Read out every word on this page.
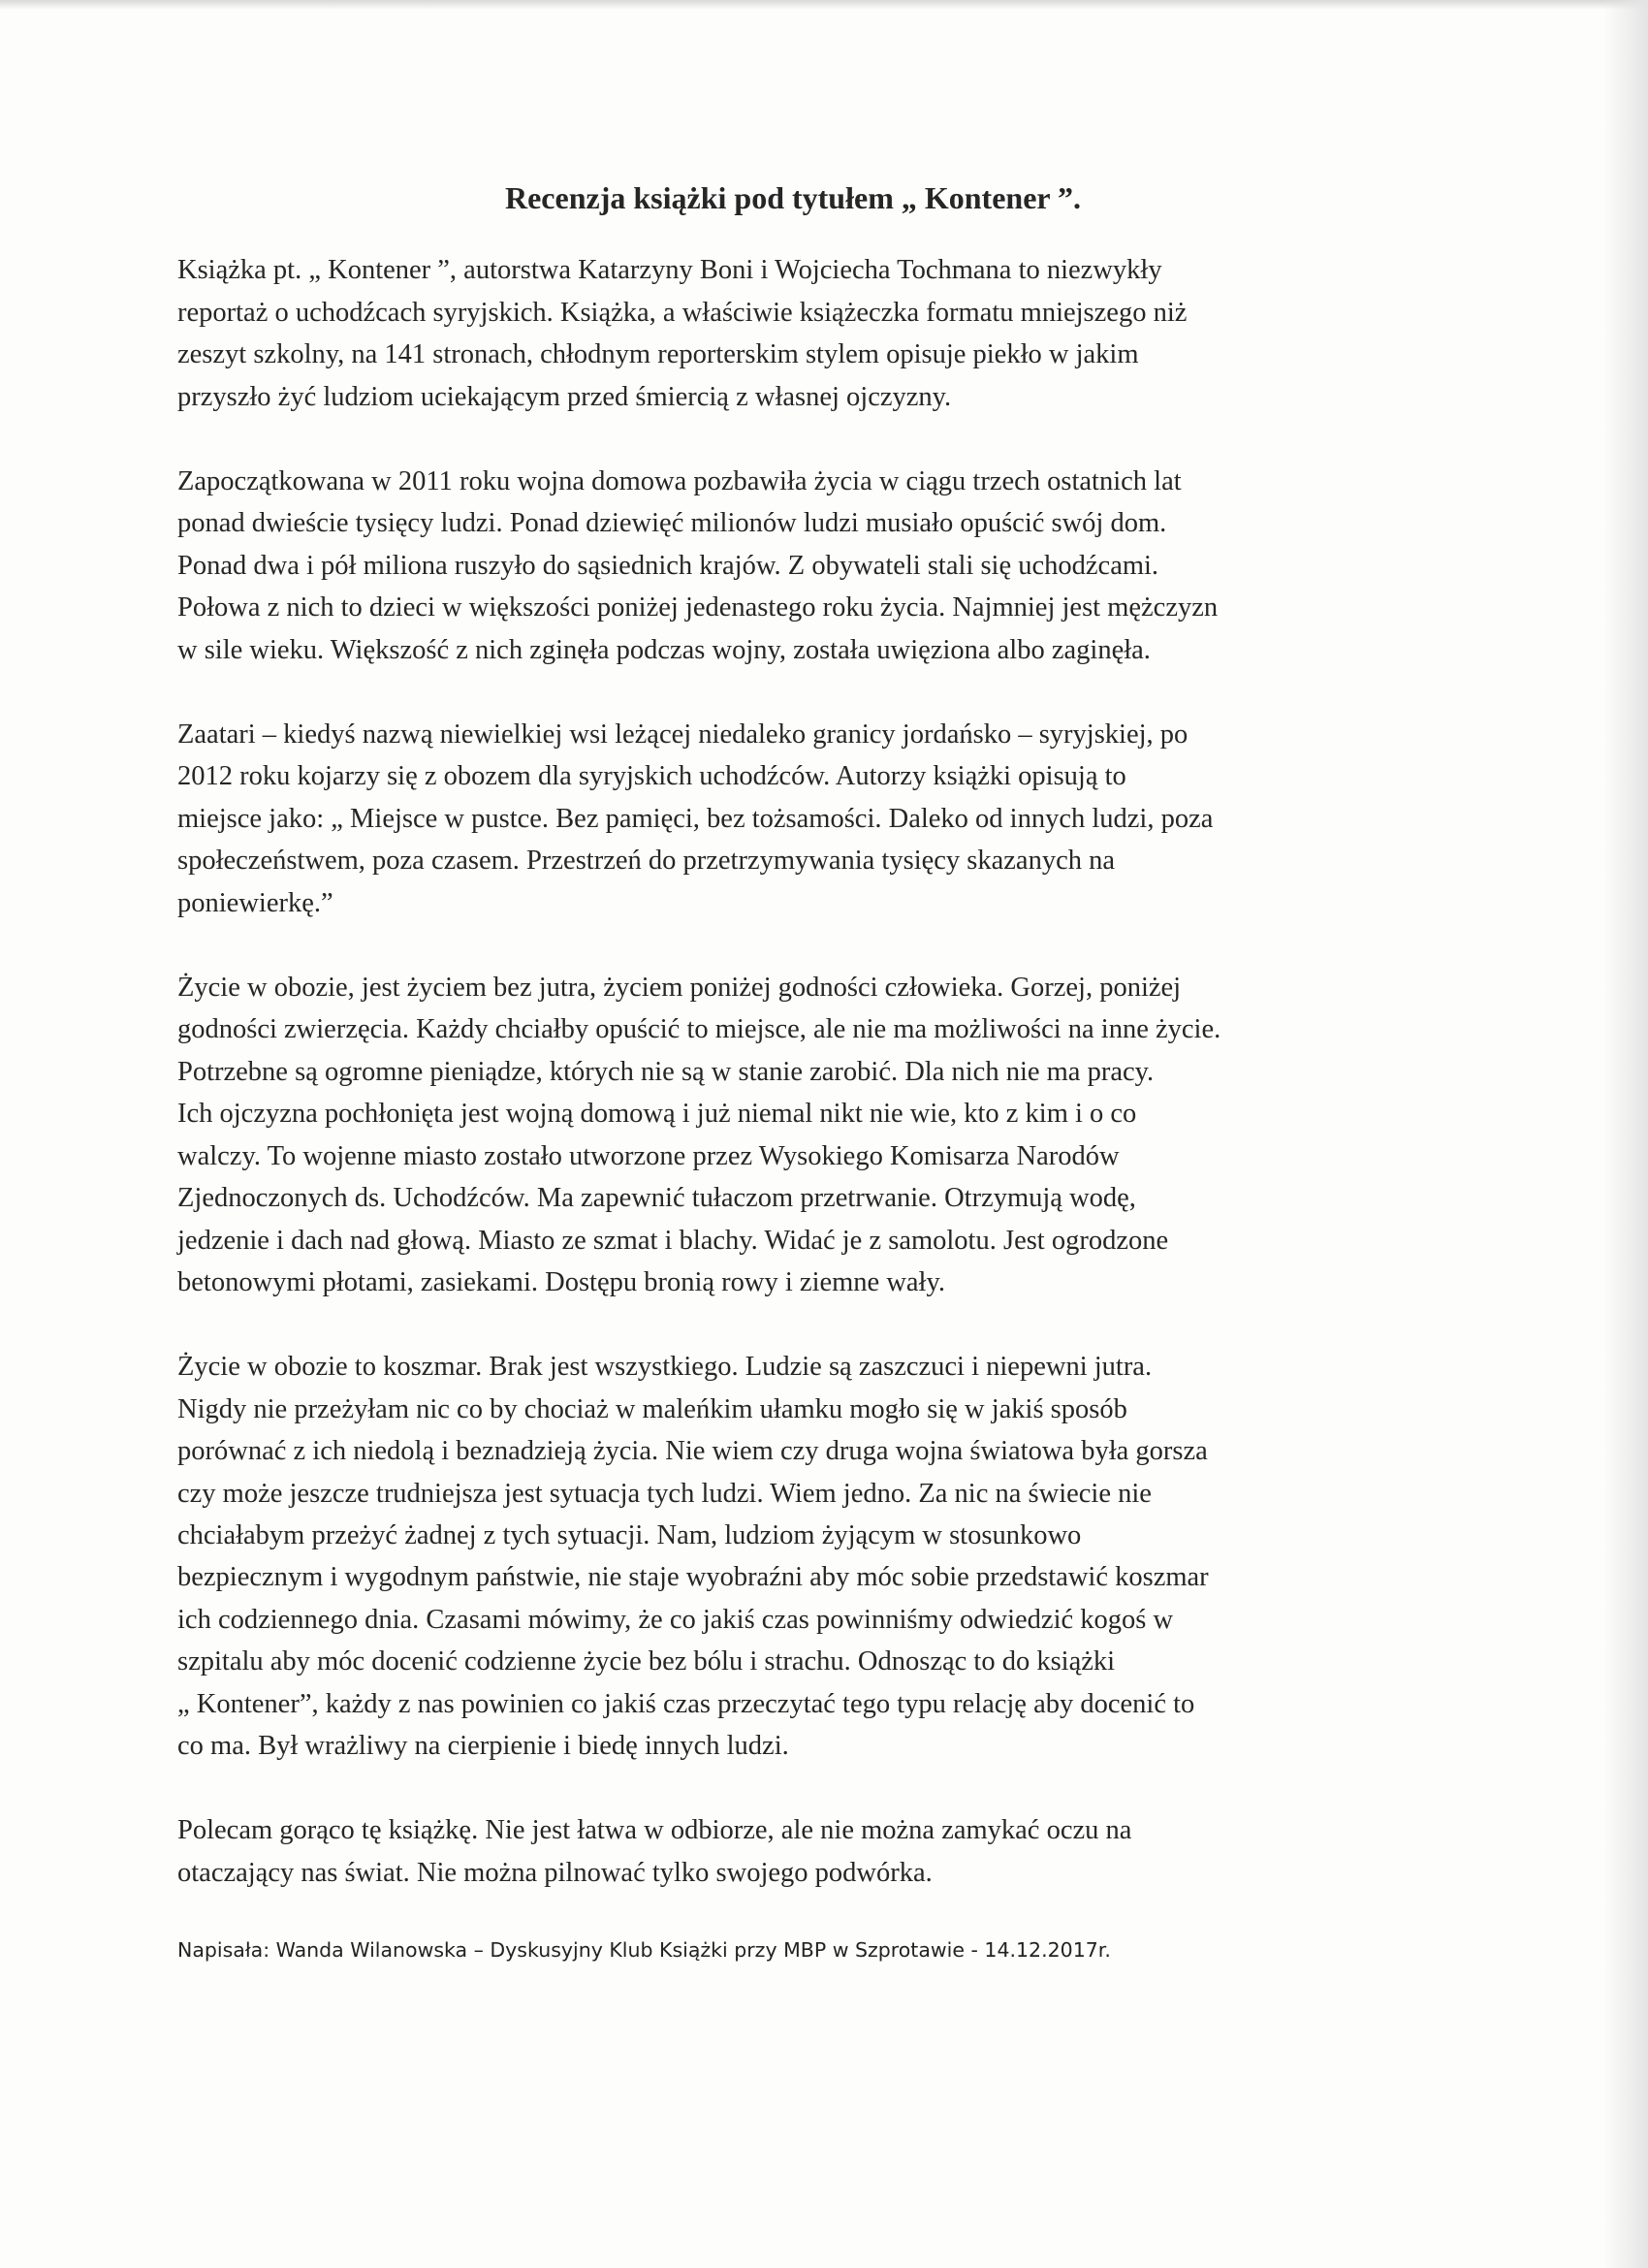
Recenzja książki pod tytułem „ Kontener ”.

Książka pt. „ Kontener ”, autorstwa Katarzyny Boni i Wojciecha Tochmana to niezwykły
reportaż o uchodźcach syryjskich. Książka, a właściwie książeczka formatu mniejszego niż
zeszyt szkolny, na 141 stronach, chłodnym reporterskim stylem opisuje piekło w jakim
przyszło żyć ludziom uciekającym przed śmiercią z własnej ojczyzny.

Zapoczątkowana w 2011 roku wojna domowa pozbawiła życia w ciągu trzech ostatnich lat
ponad dwieście tysięcy ludzi. Ponad dziewięć milionów ludzi musiało opuścić swój dom.
Ponad dwa i pół miliona ruszyło do sąsiednich krajów. Z obywateli stali się uchodźcami.
Połowa z nich to dzieci w większości poniżej jedenastego roku życia. Najmniej jest mężczyzn
w sile wieku. Większość z nich zginęła podczas wojny, została uwięziona albo zaginęła.

Zaatari – kiedyś nazwą niewielkiej wsi leżącej niedaleko granicy jordańsko – syryjskiej, po
2012 roku kojarzy się z obozem dla syryjskich uchodźców. Autorzy książki opisują to
miejsce jako: „ Miejsce w pustce. Bez pamięci, bez tożsamości. Daleko od innych ludzi, poza
społeczeństwem, poza czasem. Przestrzeń do przetrzymywania tysięcy skazanych na
poniewierkę.”

Życie w obozie, jest życiem bez jutra, życiem poniżej godności człowieka. Gorzej, poniżej
godności zwierzęcia. Każdy chciałby opuścić to miejsce, ale nie ma możliwości na inne życie.
Potrzebne są ogromne pieniądze, których nie są w stanie zarobić. Dla nich nie ma pracy.
Ich ojczyzna pochłonięta jest wojną domową i już niemal nikt nie wie, kto z kim i o co
walczy. To wojenne miasto zostało utworzone przez Wysokiego Komisarza Narodów
Zjednoczonych ds. Uchodźców. Ma zapewnić tułaczom przetrwanie. Otrzymują wodę,
jedzenie i dach nad głową. Miasto ze szmat i blachy. Widać je z samolotu. Jest ogrodzone
betonowymi płotami, zasiekami. Dostępu bronią rowy i ziemne wały.

Życie w obozie to koszmar. Brak jest wszystkiego. Ludzie są zaszczuci i niepewni jutra.
Nigdy nie przeżyłam nic co by chociaż w maleńkim ułamku mogło się w jakiś sposób
porównać z ich niedolą i beznadzieją życia. Nie wiem czy druga wojna światowa była gorsza
czy może jeszcze trudniejsza jest sytuacja tych ludzi. Wiem jedno. Za nic na świecie nie
chciałabym przeżyć żadnej z tych sytuacji. Nam, ludziom żyjącym w stosunkowo
bezpiecznym i wygodnym państwie, nie staje wyobraźni aby móc sobie przedstawić koszmar
ich codziennego dnia. Czasami mówimy, że co jakiś czas powinniśmy odwiedzić kogoś w
szpitalu aby móc docenić codzienne życie bez bólu i strachu. Odnosząc to do książki
„ Kontener”, każdy z nas powinien co jakiś czas przeczytać tego typu relację aby docenić to
co ma. Był wrażliwy na cierpienie i biedę innych ludzi.

Polecam gorąco tę książkę. Nie jest łatwa w odbiorze, ale nie można zamykać oczu na
otaczający nas świat. Nie można pilnować tylko swojego podwórka.

Napisała: Wanda Wilanowska – Dyskusyjny Klub Książki przy MBP w Szprotawie - 14.12.2017r.
